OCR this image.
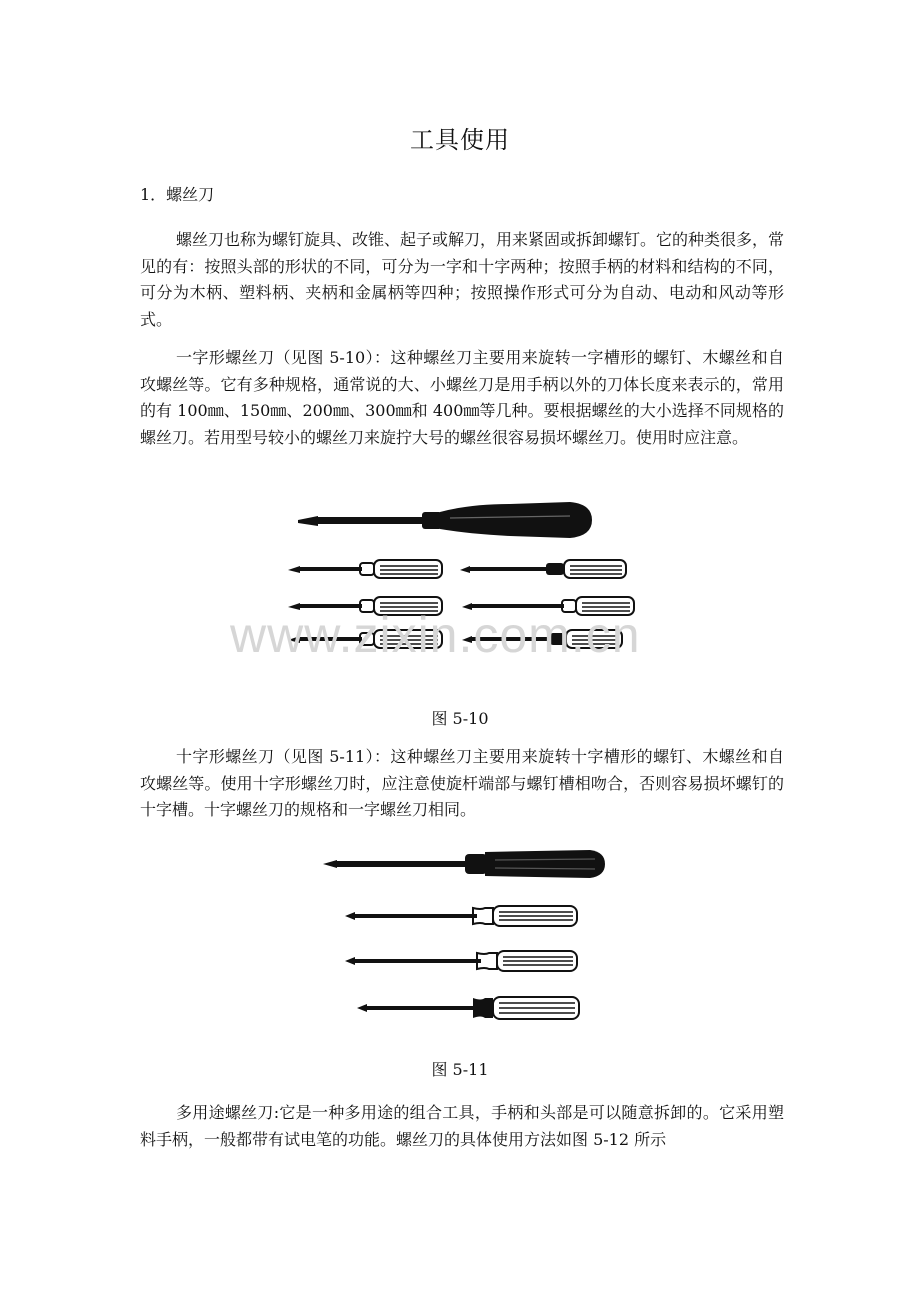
工具使用
1．螺丝刀

螺丝刀也称为螺钉旋具、改锥、起子或解刀，用来紧固或拆卸螺钉。它的种类很多，常见的有：按照头部的形状的不同，可分为一字和十字两种；按照手柄的材料和结构的不同，可分为木柄、塑料柄、夹柄和金属柄等四种；按照操作形式可分为自动、电动和风动等形式。

一字形螺丝刀（见图 5-10）：这种螺丝刀主要用来旋转一字槽形的螺钉、木螺丝和自攻螺丝等。它有多种规格，通常说的大、小螺丝刀是用手柄以外的刀体长度来表示的，常用的有 100㎜、150㎜、200㎜、300㎜和 400㎜等几种。要根据螺丝的大小选择不同规格的螺丝刀。若用型号较小的螺丝刀来旋拧大号的螺丝很容易损坏螺丝刀。使用时应注意。

www.zixin.com.cn
图 5-10

十字形螺丝刀（见图 5-11）：这种螺丝刀主要用来旋转十字槽形的螺钉、木螺丝和自攻螺丝等。使用十字形螺丝刀时，应注意使旋杆端部与螺钉槽相吻合，否则容易损坏螺钉的十字槽。十字螺丝刀的规格和一字螺丝刀相同。

图 5-11

多用途螺丝刀:它是一种多用途的组合工具，手柄和头部是可以随意拆卸的。它采用塑料手柄，一般都带有试电笔的功能。螺丝刀的具体使用方法如图 5-12 所示
